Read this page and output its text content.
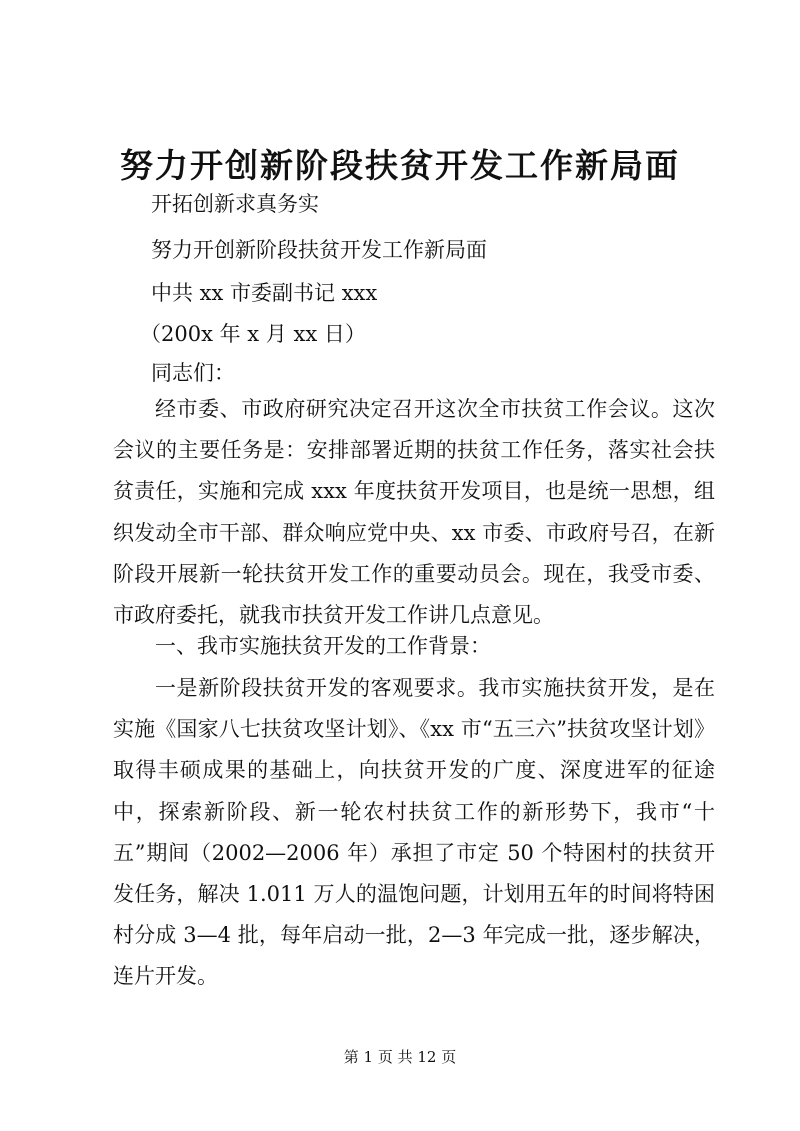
努力开创新阶段扶贫开发工作新局面
开拓创新求真务实
努力开创新阶段扶贫开发工作新局面
中共 xx 市委副书记 xxx
（200x 年 x 月 xx 日）
同志们：
经市委、市政府研究决定召开这次全市扶贫工作会议。这次会议的主要任务是：安排部署近期的扶贫工作任务，落实社会扶贫责任，实施和完成 xxx 年度扶贫开发项目，也是统一思想，组织发动全市干部、群众响应党中央、xx 市委、市政府号召，在新阶段开展新一轮扶贫开发工作的重要动员会。现在，我受市委、市政府委托，就我市扶贫开发工作讲几点意见。
一、我市实施扶贫开发的工作背景：
一是新阶段扶贫开发的客观要求。我市实施扶贫开发，是在实施《国家八七扶贫攻坚计划》、《xx 市“五三六”扶贫攻坚计划》取得丰硕成果的基础上，向扶贫开发的广度、深度进军的征途中，探索新阶段、新一轮农村扶贫工作的新形势下，我市“十五”期间（2002—2006 年）承担了市定 50 个特困村的扶贫开发任务，解决 1.011 万人的温饱问题，计划用五年的时间将特困村分成 3—4 批，每年启动一批，2—3 年完成一批，逐步解决，连片开发。
第 1 页 共 12 页
